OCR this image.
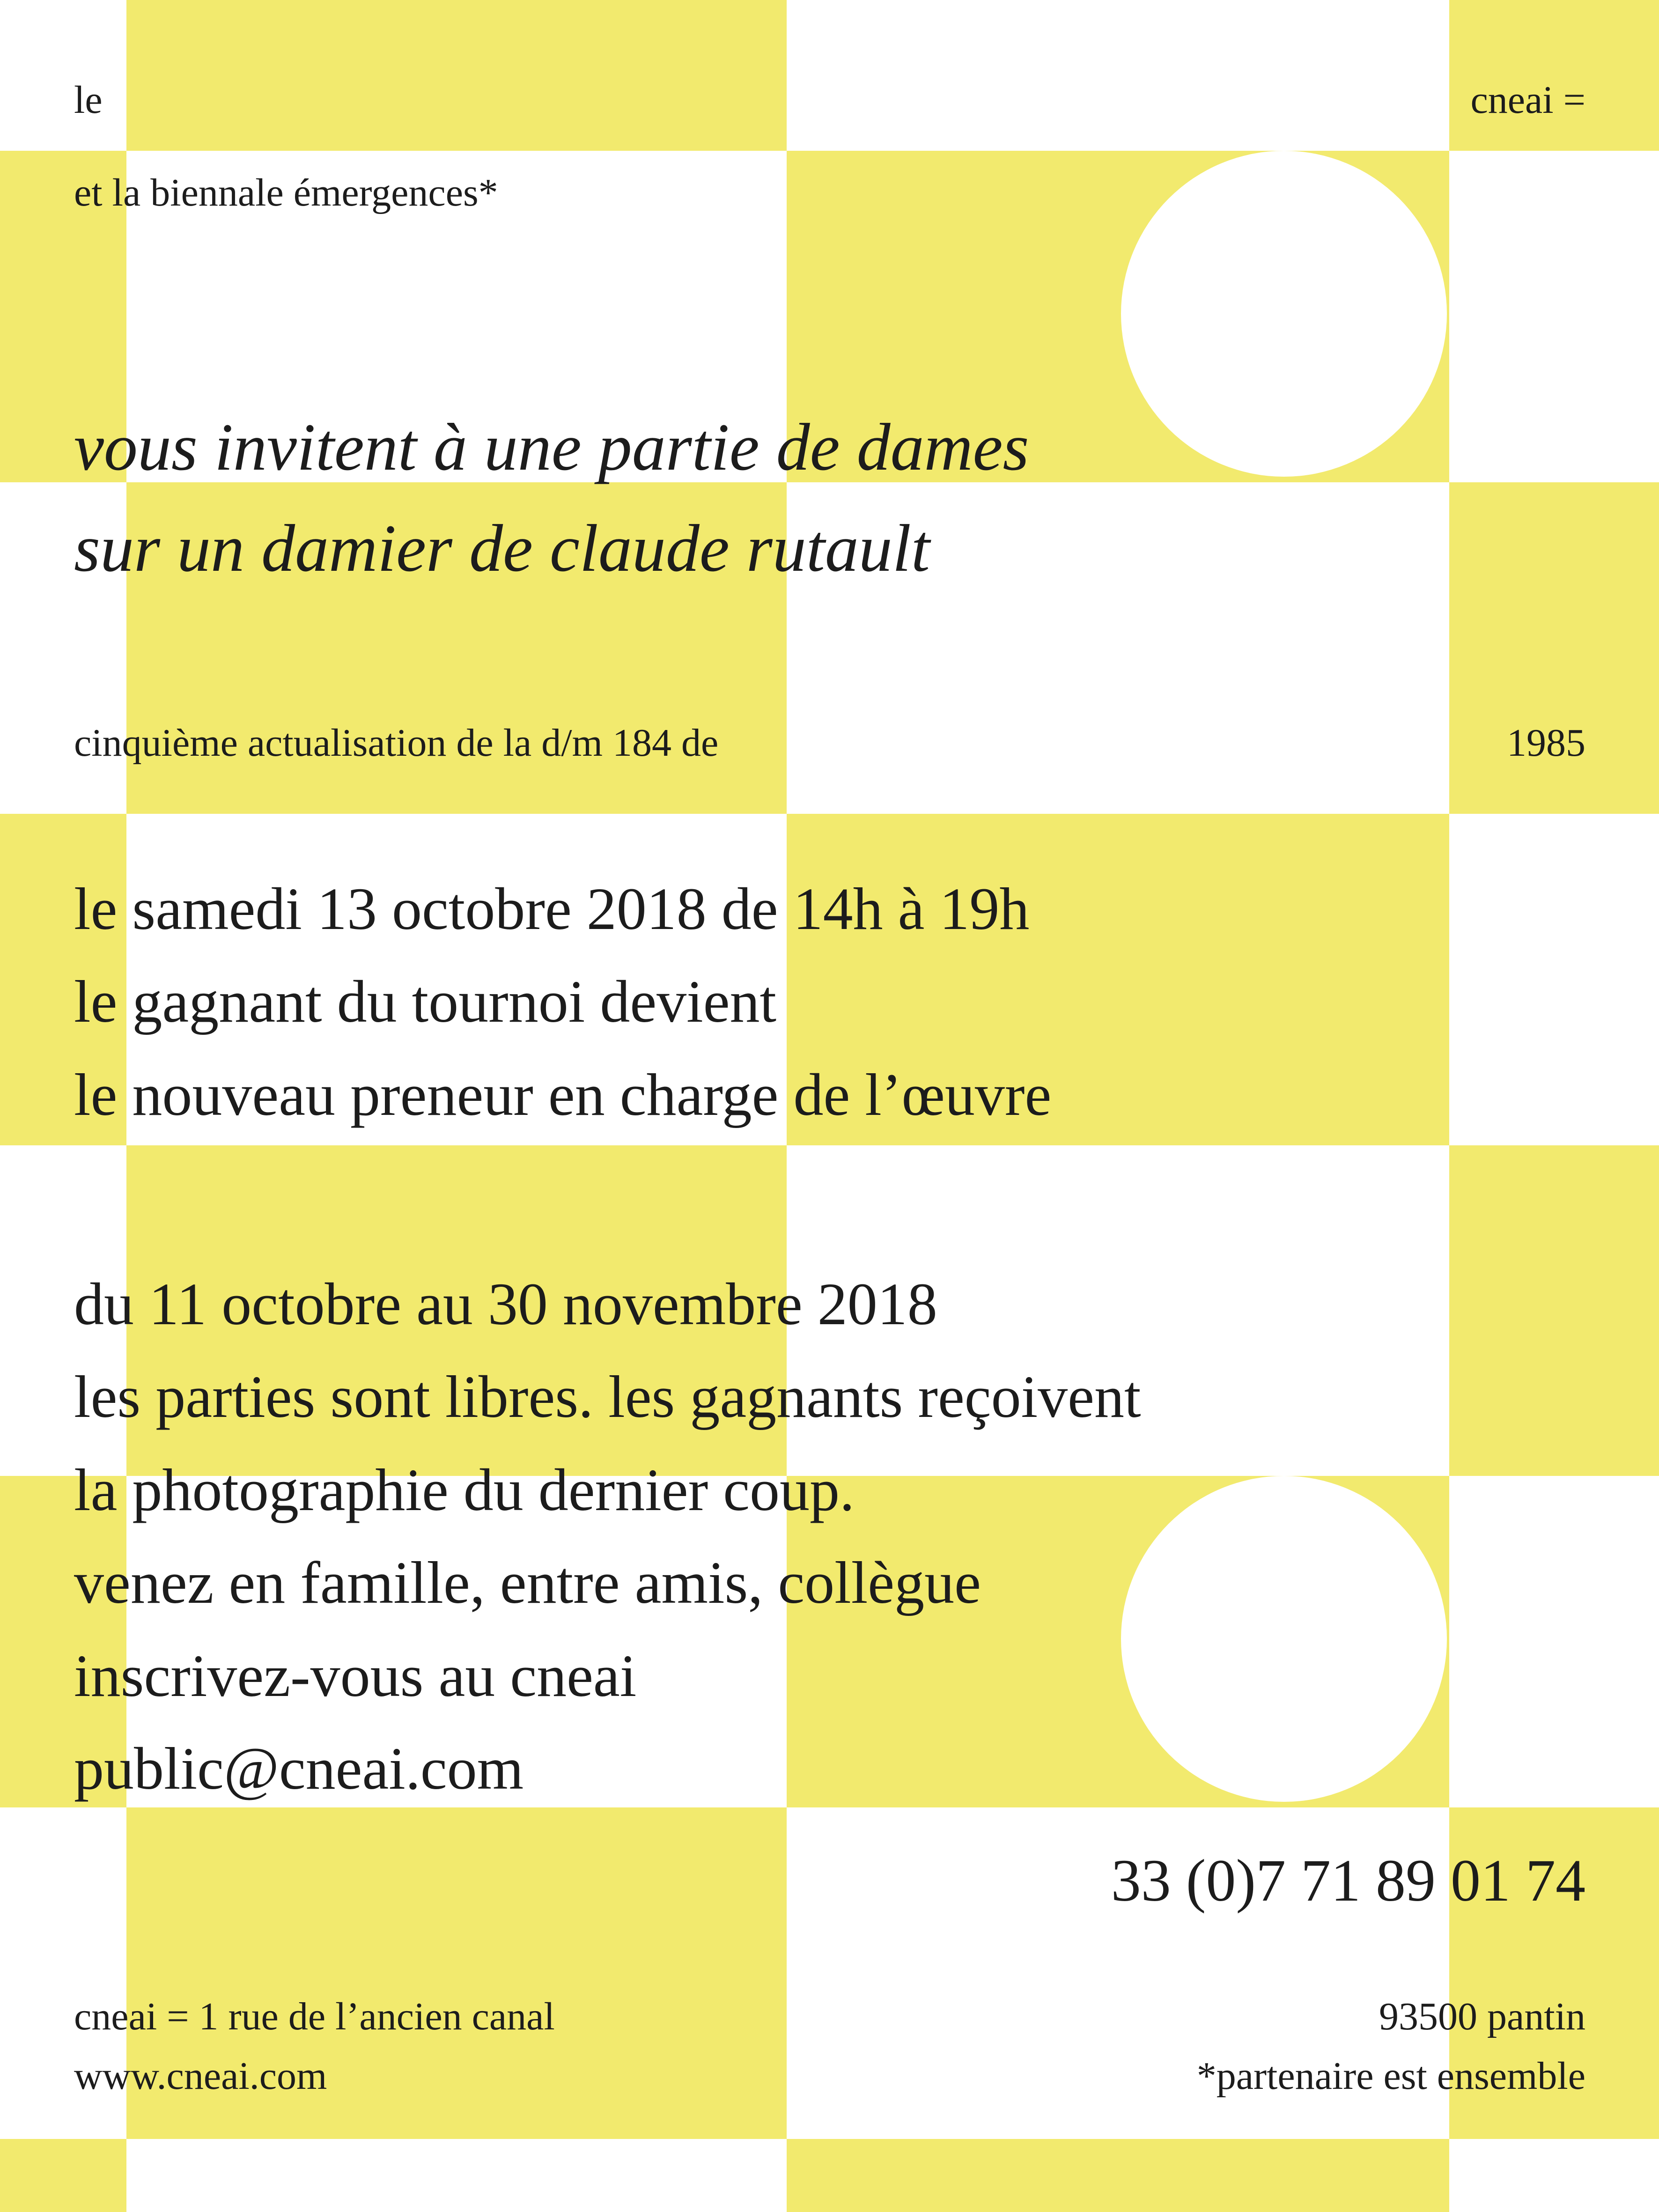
le	cneai =

et la biennale émergences*

vous invitent à une partie de dames
sur un damier de claude rutault

cinquième actualisation de la d/m 184 de	1985

le samedi 13 octobre 2018 de 14h à 19h
le gagnant du tournoi devient
le nouveau preneur en charge de l’œuvre
du 11 octobre au 30 novembre 2018
les parties sont libres. les gagnants reçoivent
la photographie du dernier coup.
venez en famille, entre amis, collègue
inscrivez-vous au cneai
public@cneai.com

33 (0)7 71 89 01 74

cneai = 1 rue de l’ancien canal	93500 pantin

www.cneai.com	*partenaire est ensemble
